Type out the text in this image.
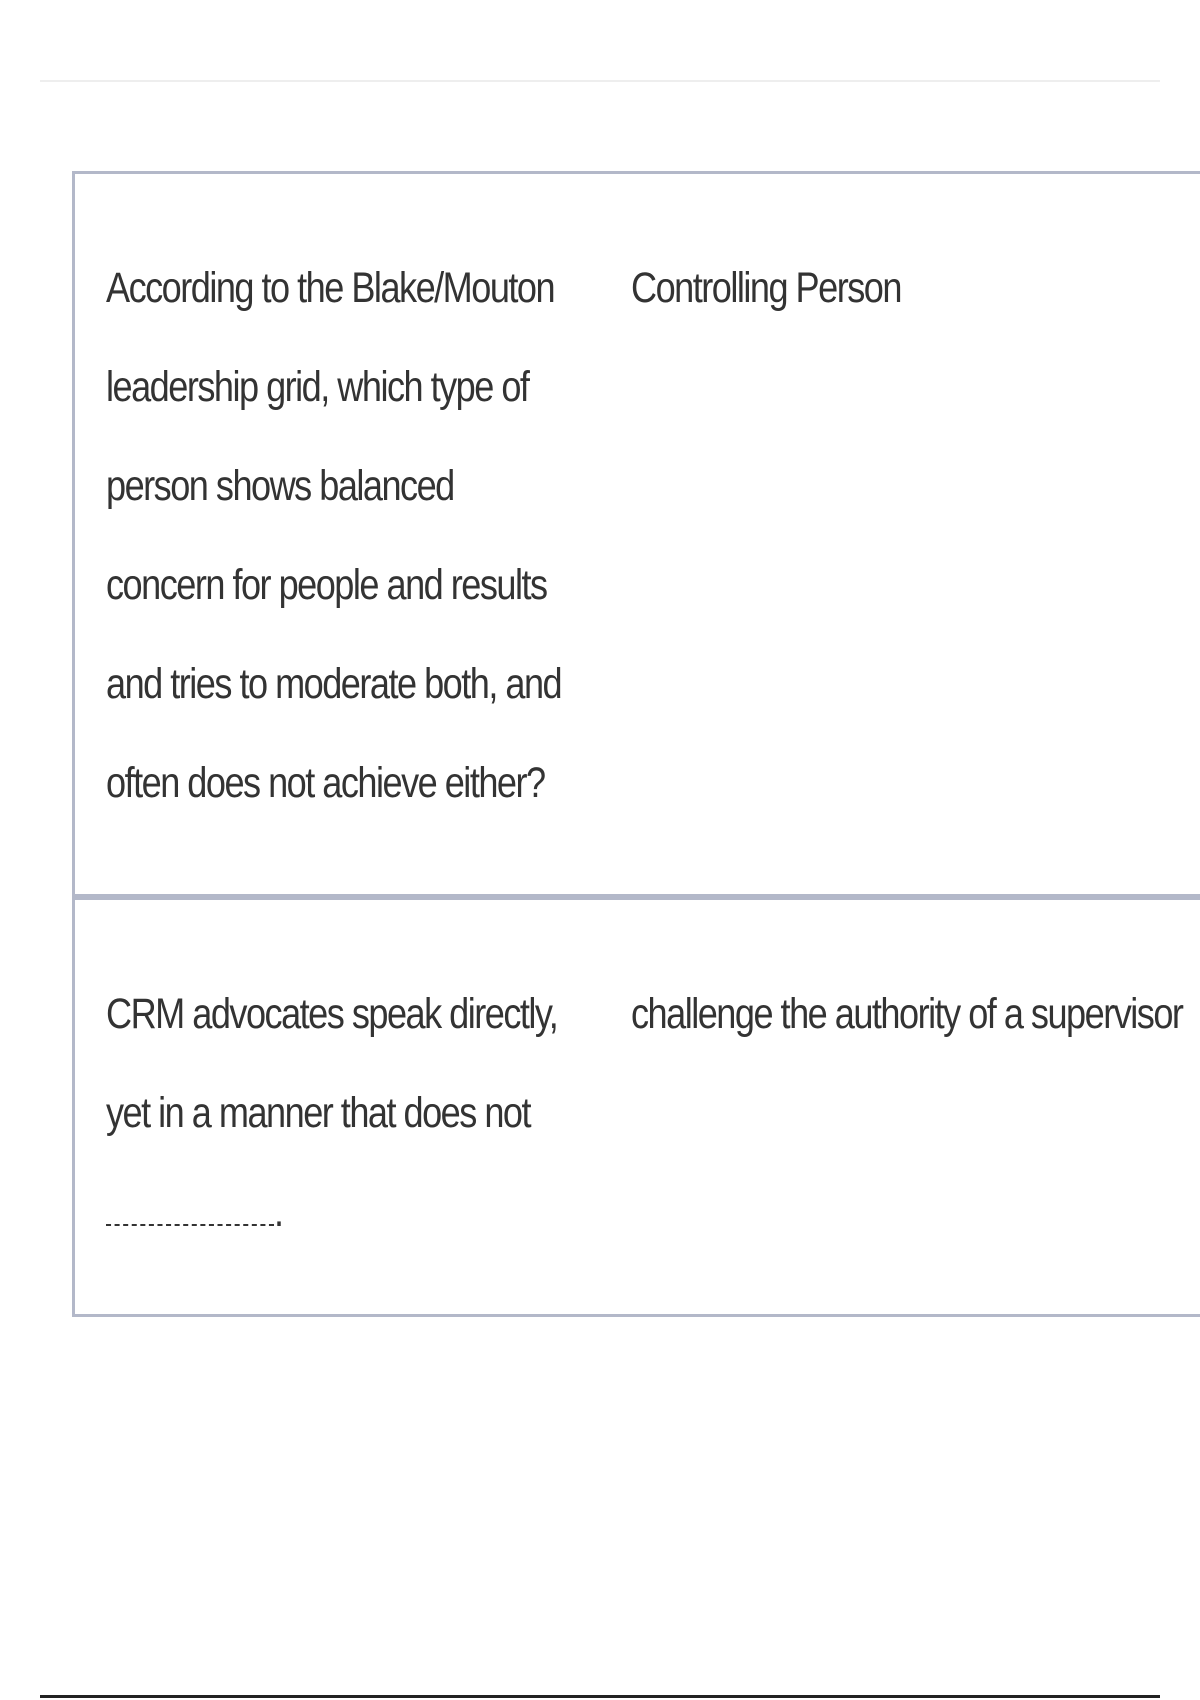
According to the Blake/Mouton leadership grid, which type of person shows balanced concern for people and results and tries to moderate both, and often does not achieve either?
Controlling Person
CRM advocates speak directly, yet in a manner that does not
.
challenge the authority of a supervisor
